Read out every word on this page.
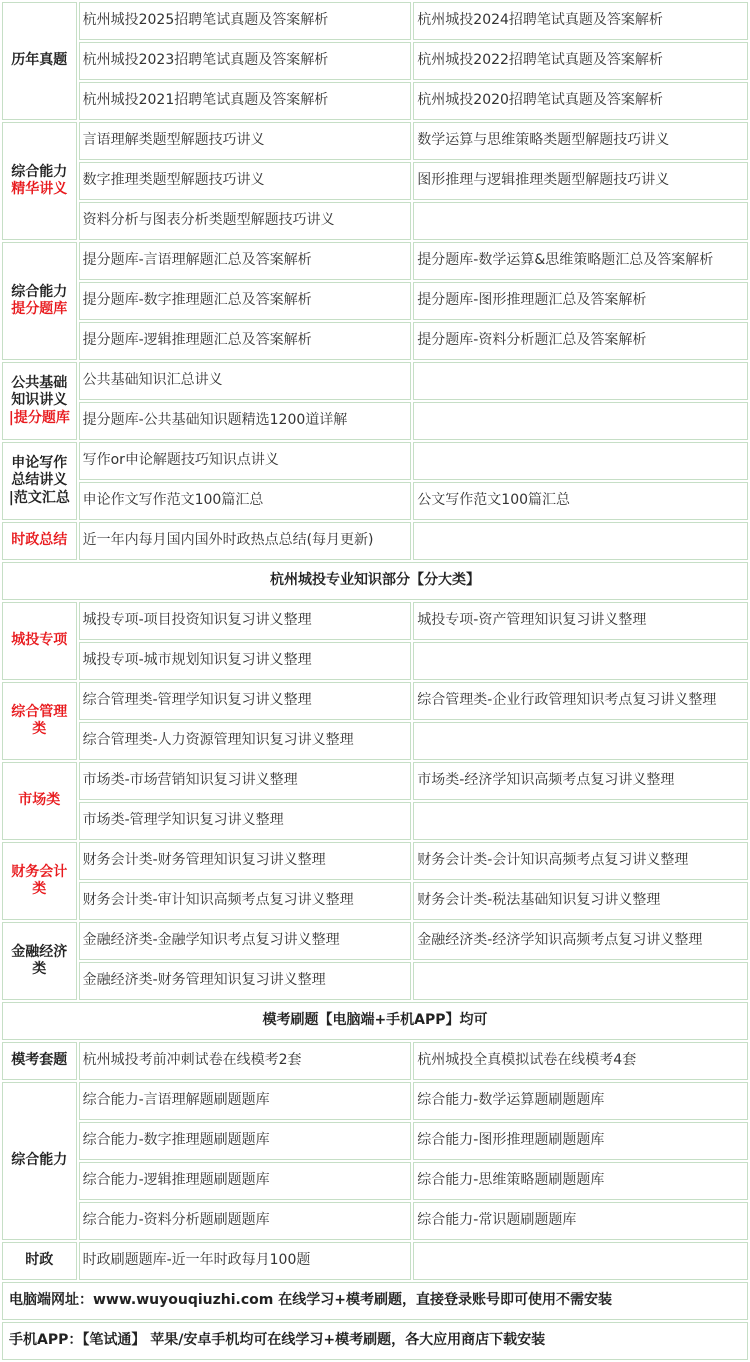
历年真题	杭州城投2025招聘笔试真题及答案解析	杭州城投2024招聘笔试真题及答案解析
	杭州城投2023招聘笔试真题及答案解析	杭州城投2022招聘笔试真题及答案解析
	杭州城投2021招聘笔试真题及答案解析	杭州城投2020招聘笔试真题及答案解析

综合能力
精华讲义	言语理解类题型解题技巧讲义	数学运算与思维策略类题型解题技巧讲义
	数字推理类题型解题技巧讲义	图形推理与逻辑推理类题型解题技巧讲义
	资料分析与图表分析类题型解题技巧讲义	

综合能力
提分题库	提分题库-言语理解题汇总及答案解析	提分题库-数学运算&思维策略题汇总及答案解析
	提分题库-数字推理题汇总及答案解析	提分题库-图形推理题汇总及答案解析
	提分题库-逻辑推理题汇总及答案解析	提分题库-资料分析题汇总及答案解析

公共基础
知识讲义
|提分题库	公共基础知识汇总讲义	
	提分题库-公共基础知识题精选1200道详解	

申论写作
总结讲义
|范文汇总	写作or申论解题技巧知识点讲义	
	申论作文写作范文100篇汇总	公文写作范文100篇汇总

时政总结	近一年内每月国内国外时政热点总结(每月更新)	
杭州城投专业知识部分【分大类】		

城投专项	城投专项-项目投资知识复习讲义整理	城投专项-资产管理知识复习讲义整理
	城投专项-城市规划知识复习讲义整理	

综合管理
类	综合管理类-管理学知识复习讲义整理	综合管理类-企业行政管理知识考点复习讲义整理
	综合管理类-人力资源管理知识复习讲义整理	

市场类	市场类-市场营销知识复习讲义整理	市场类-经济学知识高频考点复习讲义整理
	市场类-管理学知识复习讲义整理	

财务会计
类	财务会计类-财务管理知识复习讲义整理	财务会计类-会计知识高频考点复习讲义整理
	财务会计类-审计知识高频考点复习讲义整理	财务会计类-税法基础知识复习讲义整理

金融经济
类	金融经济类-金融学知识考点复习讲义整理	金融经济类-经济学知识高频考点复习讲义整理
	金融经济类-财务管理知识复习讲义整理	
模考刷题【电脑端+手机APP】均可		

模考套题	杭州城投考前冲刺试卷在线模考2套	杭州城投全真模拟试卷在线模考4套

综合能力	综合能力-言语理解题刷题题库	综合能力-数学运算题刷题题库
	综合能力-数字推理题刷题题库	综合能力-图形推理题刷题题库
	综合能力-逻辑推理题刷题题库	综合能力-思维策略题刷题题库
	综合能力-资料分析题刷题题库	综合能力-常识题刷题题库

时政	时政刷题题库-近一年时政每月100题	
电脑端网址：www.wuyouqiuzhi.com 在线学习+模考刷题，直接登录账号即可使用不需安装		
手机APP：【笔试通】 苹果/安卓手机均可在线学习+模考刷题，各大应用商店下载安装		
